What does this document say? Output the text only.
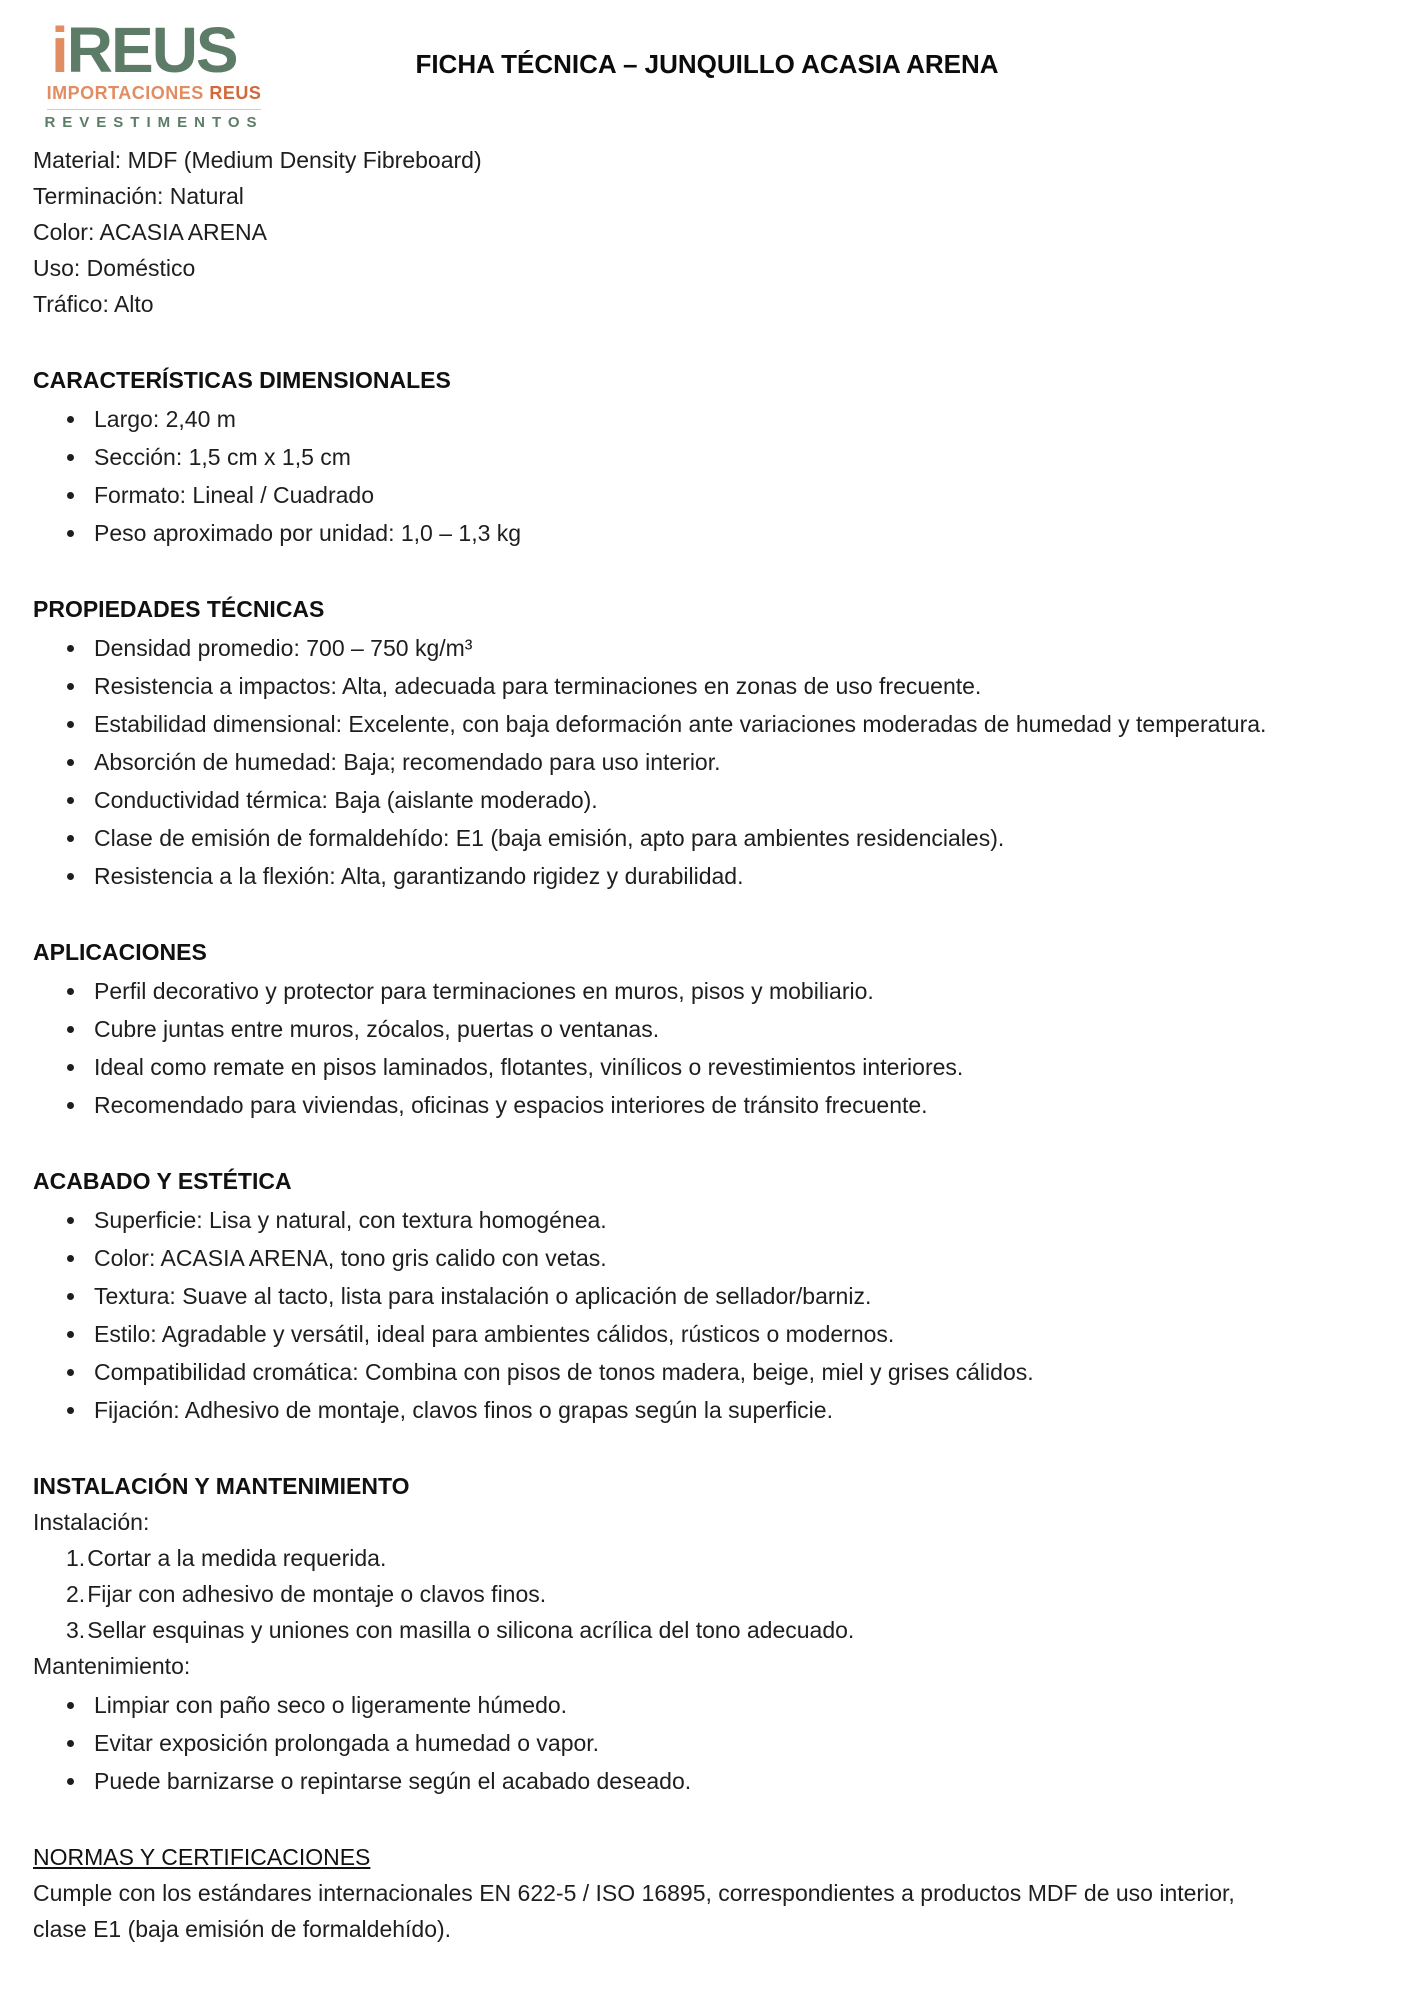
iREUS
IMPORTACIONES REUS
REVESTIMENTOS
FICHA TÉCNICA – JUNQUILLO ACASIA ARENA

Material: MDF (Medium Density Fibreboard)

Terminación: Natural

Color: ACASIA ARENA

Uso: Doméstico

Tráfico: Alto

CARACTERÍSTICAS DIMENSIONALES
• Largo: 2,40 m
• Sección: 1,5 cm x 1,5 cm
• Formato: Lineal / Cuadrado
• Peso aproximado por unidad: 1,0 – 1,3 kg
PROPIEDADES TÉCNICAS
• Densidad promedio: 700 – 750 kg/m³
• Resistencia a impactos: Alta, adecuada para terminaciones en zonas de uso frecuente.
• Estabilidad dimensional: Excelente, con baja deformación ante variaciones moderadas de humedad y temperatura.
• Absorción de humedad: Baja; recomendado para uso interior.
• Conductividad térmica: Baja (aislante moderado).
• Clase de emisión de formaldehído: E1 (baja emisión, apto para ambientes residenciales).
• Resistencia a la flexión: Alta, garantizando rigidez y durabilidad.
APLICACIONES
• Perfil decorativo y protector para terminaciones en muros, pisos y mobiliario.
• Cubre juntas entre muros, zócalos, puertas o ventanas.
• Ideal como remate en pisos laminados, flotantes, vinílicos o revestimientos interiores.
• Recomendado para viviendas, oficinas y espacios interiores de tránsito frecuente.
ACABADO Y ESTÉTICA
• Superficie: Lisa y natural, con textura homogénea.
• Color: ACASIA ARENA, tono gris calido con vetas.
• Textura: Suave al tacto, lista para instalación o aplicación de sellador/barniz.
• Estilo: Agradable y versátil, ideal para ambientes cálidos, rústicos o modernos.
• Compatibilidad cromática: Combina con pisos de tonos madera, beige, miel y grises cálidos.
• Fijación: Adhesivo de montaje, clavos finos o grapas según la superficie.
INSTALACIÓN Y MANTENIMIENTO

Instalación:

Cortar a la medida requerida.
Fijar con adhesivo de montaje o clavos finos.
Sellar esquinas y uniones con masilla o silicona acrílica del tono adecuado.

Mantenimiento:

• Limpiar con paño seco o ligeramente húmedo.
• Evitar exposición prolongada a humedad o vapor.
• Puede barnizarse o repintarse según el acabado deseado.
NORMAS Y CERTIFICACIONES

Cumple con los estándares internacionales EN 622-5 / ISO 16895, correspondientes a productos MDF de uso interior, clase E1 (baja emisión de formaldehído).
